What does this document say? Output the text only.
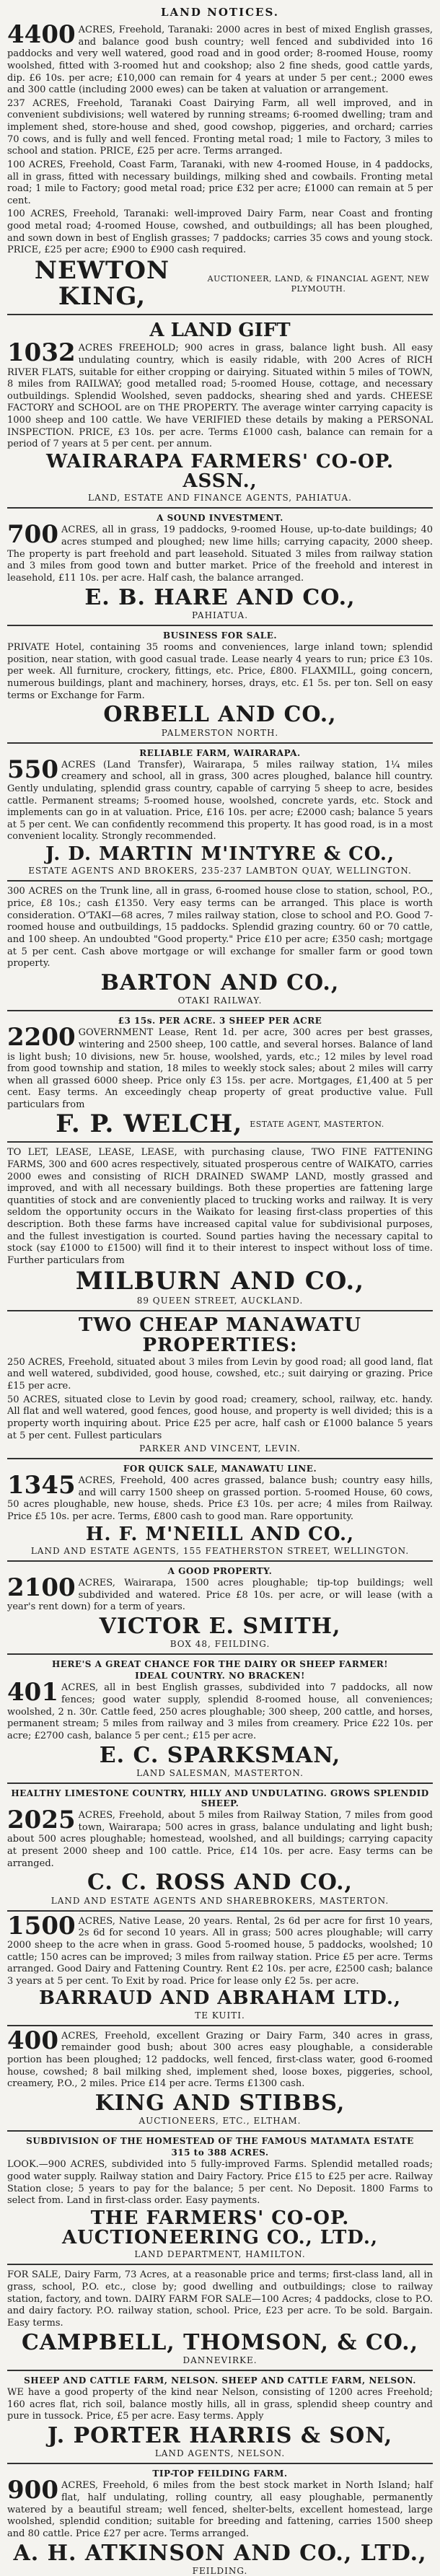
LAND NOTICES.
4400 ACRES, Freehold, Taranaki: 2000 acres in best of mixed English grasses, and balance good bush country; well fenced and subdivided into 16 paddocks and very well watered, good road and in good order; 8-roomed House, roomy woolshed, fitted with 3-roomed hut and cookshop; also 2 fine sheds, good cattle yards, dip. £6 10s. per acre; £10,000 can remain for 4 years at under 5 per cent.; 2000 ewes and 300 cattle (including 2000 ewes) can be taken at valuation or arrangement.
237 ACRES, Freehold, Taranaki Coast Dairying Farm, all well improved, and in convenient subdivisions; well watered by running streams; 6-roomed dwelling; tram and implement shed, store-house and shed, good cowshop, piggeries, and orchard; carries 70 cows, and is fully and well fenced. Fronting metal road; 1 mile to Factory, 3 miles to school and station. PRICE, £25 per acre. Terms arranged.
100 ACRES, Freehold, Coast Farm, Taranaki, with new 4-roomed House, in 4 paddocks, all in grass, fitted with necessary buildings, milking shed and cowbails. Fronting metal road; 1 mile to Factory; good metal road; price £32 per acre; £1000 can remain at 5 per cent.
100 ACRES, Freehold, Taranaki: well-improved Dairy Farm, near Coast and fronting good metal road; 4-roomed House, cowshed, and outbuildings; all has been ploughed, and sown down in best of English grasses; 7 paddocks; carries 35 cows and young stock. PRICE, £25 per acre; £900 to £900 cash required.
NEWTON KING,
AUCTIONEER, LAND, & FINANCIAL AGENT, NEW PLYMOUTH.
A LAND GIFT
1032 ACRES FREEHOLD; 900 acres in grass, balance light bush. All easy undulating country, which is easily ridable, with 200 Acres of RICH RIVER FLATS, suitable for either cropping or dairying. Situated within 5 miles of TOWN, 8 miles from RAILWAY; good metalled road; 5-roomed House, cottage, and necessary outbuildings. Splendid Woolshed, seven paddocks, shearing shed and yards. CHEESE FACTORY and SCHOOL are on THE PROPERTY. The average winter carrying capacity is 1000 sheep and 100 cattle. We have VERIFIED these details by making a PERSONAL INSPECTION. PRICE, £3 10s. per acre. Terms £1000 cash, balance can remain for a period of 7 years at 5 per cent. per annum.
WAIRARAPA FARMERS' CO-OP. ASSN.,
LAND, ESTATE AND FINANCE AGENTS, PAHIATUA.
A SOUND INVESTMENT.
700 ACRES, all in grass, 19 paddocks, 9-roomed House, up-to-date buildings; 40 acres stumped and ploughed; new lime hills; carrying capacity, 2000 sheep. The property is part freehold and part leasehold. Situated 3 miles from railway station and 3 miles from good town and butter market. Price of the freehold and interest in leasehold, £11 10s. per acre. Half cash, the balance arranged.
E. B. HARE AND CO.,
PAHIATUA.
BUSINESS FOR SALE.
PRIVATE Hotel, containing 35 rooms and conveniences, large inland town; splendid position, near station, with good casual trade. Lease nearly 4 years to run; price £3 10s. per week. All furniture, crockery, fittings, etc. Price, £800. FLAXMILL, going concern, numerous buildings, plant and machinery, horses, drays, etc. £1 5s. per ton. Sell on easy terms or Exchange for Farm.
ORBELL AND CO.,
PALMERSTON NORTH.
RELIABLE FARM, WAIRARAPA.
550 ACRES (Land Transfer), Wairarapa, 5 miles railway station, 1¼ miles creamery and school, all in grass, 300 acres ploughed, balance hill country. Gently undulating, splendid grass country, capable of carrying 5 sheep to acre, besides cattle. Permanent streams; 5-roomed house, woolshed, concrete yards, etc. Stock and implements can go in at valuation. Price, £16 10s. per acre; £2000 cash; balance 5 years at 5 per cent. We can confidently recommend this property. It has good road, is in a most convenient locality. Strongly recommended.
J. D. MARTIN M'INTYRE & CO.,
ESTATE AGENTS AND BROKERS, 235-237 LAMBTON QUAY, WELLINGTON.
300 ACRES on the Trunk line, all in grass, 6-roomed house close to station, school, P.O., price, £8 10s.; cash £1350. Very easy terms can be arranged. This place is worth consideration. O'TAKI—68 acres, 7 miles railway station, close to school and P.O. Good 7-roomed house and outbuildings, 15 paddocks. Splendid grazing country. 60 or 70 cattle, and 100 sheep. An undoubted "Good property." Price £10 per acre; £350 cash; mortgage at 5 per cent. Cash above mortgage or will exchange for smaller farm or good town property.
BARTON AND CO.,
OTAKI RAILWAY.
£3 15s. PER ACRE. 3 SHEEP PER ACRE
2200 GOVERNMENT Lease, Rent 1d. per acre, 300 acres per best grasses, wintering and 2500 sheep, 100 cattle, and several horses. Balance of land is light bush; 10 divisions, new 5r. house, woolshed, yards, etc.; 12 miles by level road from good township and station, 18 miles to weekly stock sales; about 2 miles will carry when all grassed 6000 sheep. Price only £3 15s. per acre. Mortgages, £1,400 at 5 per cent. Easy terms. An exceedingly cheap property of great productive value. Full particulars from
F. P. WELCH, ESTATE AGENT, MASTERTON.
TO LET, LEASE, LEASE, LEASE, with purchasing clause, TWO FINE FATTENING FARMS, 300 and 600 acres respectively, situated prosperous centre of WAIKATO, carries 2000 ewes and consisting of RICH DRAINED SWAMP LAND, mostly grassed and improved, and with all necessary buildings. Both these properties are fattening large quantities of stock and are conveniently placed to trucking works and railway. It is very seldom the opportunity occurs in the Waikato for leasing first-class properties of this description. Both these farms have increased capital value for subdivisional purposes, and the fullest investigation is courted. Sound parties having the necessary capital to stock (say £1000 to £1500) will find it to their interest to inspect without loss of time. Further particulars from
MILBURN AND CO.,
89 QUEEN STREET, AUCKLAND.
TWO CHEAP MANAWATU PROPERTIES:
250 ACRES, Freehold, situated about 3 miles from Levin by good road; all good land, flat and well watered, subdivided, good house, cowshed, etc.; suit dairying or grazing. Price £15 per acre.
50 ACRES, situated close to Levin by good road; creamery, school, railway, etc. handy. All flat and well watered, good fences, good house, and property is well divided; this is a property worth inquiring about. Price £25 per acre, half cash or £1000 balance 5 years at 5 per cent. Fullest particulars
PARKER AND VINCENT, LEVIN.
FOR QUICK SALE, MANAWATU LINE.
1345 ACRES, Freehold, 400 acres grassed, balance bush; country easy hills, and will carry 1500 sheep on grassed portion. 5-roomed House, 60 cows, 50 acres ploughable, new house, sheds. Price £3 10s. per acre; 4 miles from Railway. Price £5 10s. per acre. Terms, £800 cash to good man. Rare opportunity.
H. F. M'NEILL AND CO.,
LAND AND ESTATE AGENTS, 155 FEATHERSTON STREET, WELLINGTON.
A GOOD PROPERTY.
2100 ACRES, Wairarapa, 1500 acres ploughable; tip-top buildings; well subdivided and watered. Price £8 10s. per acre, or will lease (with a year's rent down) for a term of years.
VICTOR E. SMITH,
BOX 48, FEILDING.
HERE'S A GREAT CHANCE FOR THE DAIRY OR SHEEP FARMER!
IDEAL COUNTRY. NO BRACKEN!
401 ACRES, all in best English grasses, subdivided into 7 paddocks, all now fences; good water supply, splendid 8-roomed house, all conveniences; woolshed, 2 n. 30r. Cattle feed, 250 acres ploughable; 300 sheep, 200 cattle, and horses, permanent stream; 5 miles from railway and 3 miles from creamery. Price £22 10s. per acre; £2700 cash, balance 5 per cent.; £15 per acre.
E. C. SPARKSMAN,
LAND SALESMAN, MASTERTON.
HEALTHY LIMESTONE COUNTRY, HILLY AND UNDULATING. GROWS SPLENDID SHEEP.
2025 ACRES, Freehold, about 5 miles from Railway Station, 7 miles from good town, Wairarapa; 500 acres in grass, balance undulating and light bush; about 500 acres ploughable; homestead, woolshed, and all buildings; carrying capacity at present 2000 sheep and 100 cattle. Price, £14 10s. per acre. Easy terms can be arranged.
C. C. ROSS AND CO.,
LAND AND ESTATE AGENTS AND SHAREBROKERS, MASTERTON.
1500 ACRES, Native Lease, 20 years. Rental, 2s 6d per acre for first 10 years, 2s 6d for second 10 years. All in grass; 500 acres ploughable; will carry 2000 sheep to the acre when in grass. Good 5-roomed house, 5 paddocks, woolshed; 10 cattle; 150 acres can be improved; 3 miles from railway station. Price £5 per acre. Terms arranged. Good Dairy and Fattening Country. Rent £2 10s. per acre, £2500 cash; balance 3 years at 5 per cent. To Exit by road. Price for lease only £2 5s. per acre.
BARRAUD AND ABRAHAM LTD.,
TE KUITI.
400 ACRES, Freehold, excellent Grazing or Dairy Farm, 340 acres in grass, remainder good bush; about 300 acres easy ploughable, a considerable portion has been ploughed; 12 paddocks, well fenced, first-class water, good 6-roomed house, cowshed; 8 bail milking shed, implement shed, loose boxes, piggeries, school, creamery, P.O., 2 miles. Price £14 per acre. Terms £1300 cash.
KING AND STIBBS,
AUCTIONEERS, ETC., ELTHAM.
SUBDIVISION OF THE HOMESTEAD OF THE FAMOUS MATAMATA ESTATE
315 to 388 ACRES.
LOOK.—900 ACRES, subdivided into 5 fully-improved Farms. Splendid metalled roads; good water supply. Railway station and Dairy Factory. Price £15 to £25 per acre. Railway Station close; 5 years to pay for the balance; 5 per cent. No Deposit. 1800 Farms to select from. Land in first-class order. Easy payments.
THE FARMERS' CO-OP. AUCTIONEERING CO., LTD.,
LAND DEPARTMENT, HAMILTON.
FOR SALE, Dairy Farm, 73 Acres, at a reasonable price and terms; first-class land, all in grass, school, P.O. etc., close by; good dwelling and outbuildings; close to railway station, factory, and town. DAIRY FARM FOR SALE—100 Acres; 4 paddocks, close to P.O. and dairy factory. P.O. railway station, school. Price, £23 per acre. To be sold. Bargain. Easy terms.
CAMPBELL, THOMSON, & CO.,
DANNEVIRKE.
SHEEP AND CATTLE FARM, NELSON. SHEEP AND CATTLE FARM, NELSON.
WE have a good property of the kind near Nelson, consisting of 1200 acres Freehold; 160 acres flat, rich soil, balance mostly hills, all in grass, splendid sheep country and pure in tussock. Price, £5 per acre. Easy terms. Apply
J. PORTER HARRIS & SON,
LAND AGENTS, NELSON.
TIP-TOP FEILDING FARM.
900 ACRES, Freehold, 6 miles from the best stock market in North Island; half flat, half undulating, rolling country, all easy ploughable, permanently watered by a beautiful stream; well fenced, shelter-belts, excellent homestead, large woolshed, splendid condition; suitable for breeding and fattening, carries 1500 sheep and 80 cattle. Price £27 per acre. Terms arranged.
A. H. ATKINSON AND CO., LTD.,
FEILDING.
